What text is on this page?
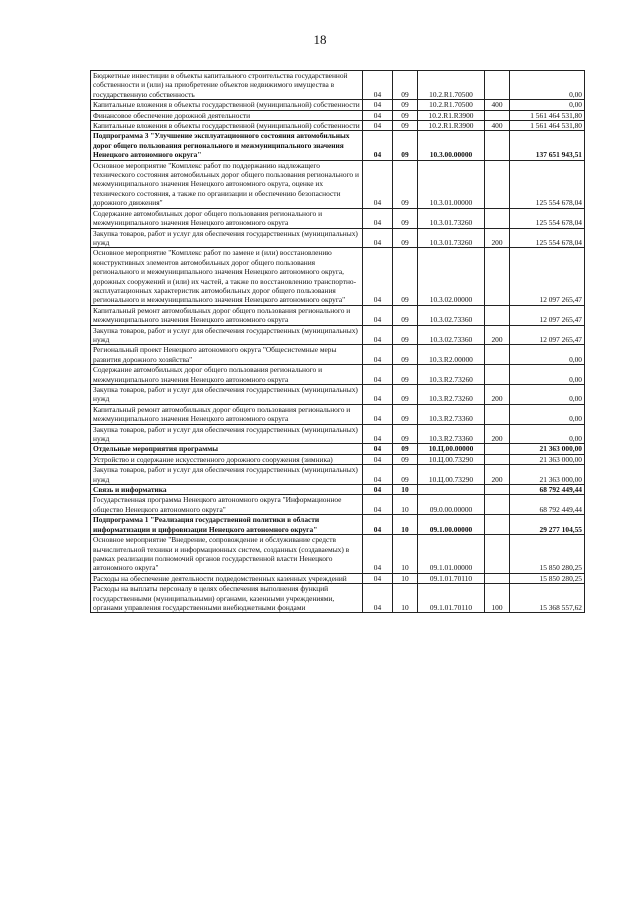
18
Бюджетные инвестиции в объекты капитального строительства государственной собственности и (или) на приобретение объектов недвижимого имущества в государственную собственность	04	09	10.2.R1.70500		0,00
Капитальные вложения в объекты государственной (муниципальной) собственности	04	09	10.2.R1.70500	400	0,00
Финансовое обеспечение дорожной деятельности	04	09	10.2.R1.R3900		1 561 464 531,80
Капитальные вложения в объекты государственной (муниципальной) собственности	04	09	10.2.R1.R3900	400	1 561 464 531,80
Подпрограмма 3 "Улучшение эксплуатационного состояния автомобильных дорог общего пользования регионального и межмуниципального значения Ненецкого автономного округа"	04	09	10.3.00.00000		137 651 943,51
Основное мероприятие "Комплекс работ по поддержанию надлежащего технического состояния автомобильных дорог общего пользования регионального и межмуниципального значения Ненецкого автономного округа, оценке их технического состояния, а также по организации и обеспечению безопасности дорожного движения"	04	09	10.3.01.00000		125 554 678,04
Содержание автомобильных дорог общего пользования регионального и межмуниципального значения Ненецкого автономного округа	04	09	10.3.01.73260		125 554 678,04
Закупка товаров, работ и услуг для обеспечения государственных (муниципальных) нужд	04	09	10.3.01.73260	200	125 554 678,04
Основное мероприятие "Комплекс работ по замене и (или) восстановлению конструктивных элементов автомобильных дорог общего пользования регионального и межмуниципального значения Ненецкого автономного округа, дорожных сооружений и (или) их частей, а также по восстановлению транспортно-эксплуатационных характеристик автомобильных дорог общего пользования регионального и межмуниципального значения Ненецкого автономного округа"	04	09	10.3.02.00000		12 097 265,47
Капитальный ремонт автомобильных дорог общего пользования регионального и межмуниципального значения Ненецкого автономного округа	04	09	10.3.02.73360		12 097 265,47
Закупка товаров, работ и услуг для обеспечения государственных (муниципальных) нужд	04	09	10.3.02.73360	200	12 097 265,47
Региональный проект Ненецкого автономного округа "Общесистемные меры развития дорожного хозяйства"	04	09	10.3.R2.00000		0,00
Содержание автомобильных дорог общего пользования регионального и межмуниципального значения Ненецкого автономного округа	04	09	10.3.R2.73260		0,00
Закупка товаров, работ и услуг для обеспечения государственных (муниципальных) нужд	04	09	10.3.R2.73260	200	0,00
Капитальный ремонт автомобильных дорог общего пользования регионального и межмуниципального значения Ненецкого автономного округа	04	09	10.3.R2.73360		0,00
Закупка товаров, работ и услуг для обеспечения государственных (муниципальных) нужд	04	09	10.3.R2.73360	200	0,00
Отдельные мероприятия программы	04	09	10.Ц.00.00000		21 363 000,00
Устройство и содержание искусственного дорожного сооружения (зимника)	04	09	10.Ц.00.73290		21 363 000,00
Закупка товаров, работ и услуг для обеспечения государственных (муниципальных) нужд	04	09	10.Ц.00.73290	200	21 363 000,00
Связь и информатика	04	10			68 792 449,44
Государственная программа Ненецкого автономного округа "Информационное общество Ненецкого автономного округа"	04	10	09.0.00.00000		68 792 449,44
Подпрограмма 1 "Реализация государственной политики в области информатизации и цифровизации Ненецкого автономного округа"	04	10	09.1.00.00000		29 277 104,55
Основное мероприятие "Внедрение, сопровождение и обслуживание средств вычислительной техники и информационных систем, созданных (создаваемых) в рамках реализации полномочий органов государственной власти Ненецкого автономного округа"	04	10	09.1.01.00000		15 850 280,25
Расходы на обеспечение деятельности подведомственных казенных учреждений	04	10	09.1.01.70110		15 850 280,25
Расходы на выплаты персоналу в целях обеспечения выполнения функций государственными (муниципальными) органами, казенными учреждениями, органами управления государственными внебюджетными фондами	04	10	09.1.01.70110	100	15 368 557,62
